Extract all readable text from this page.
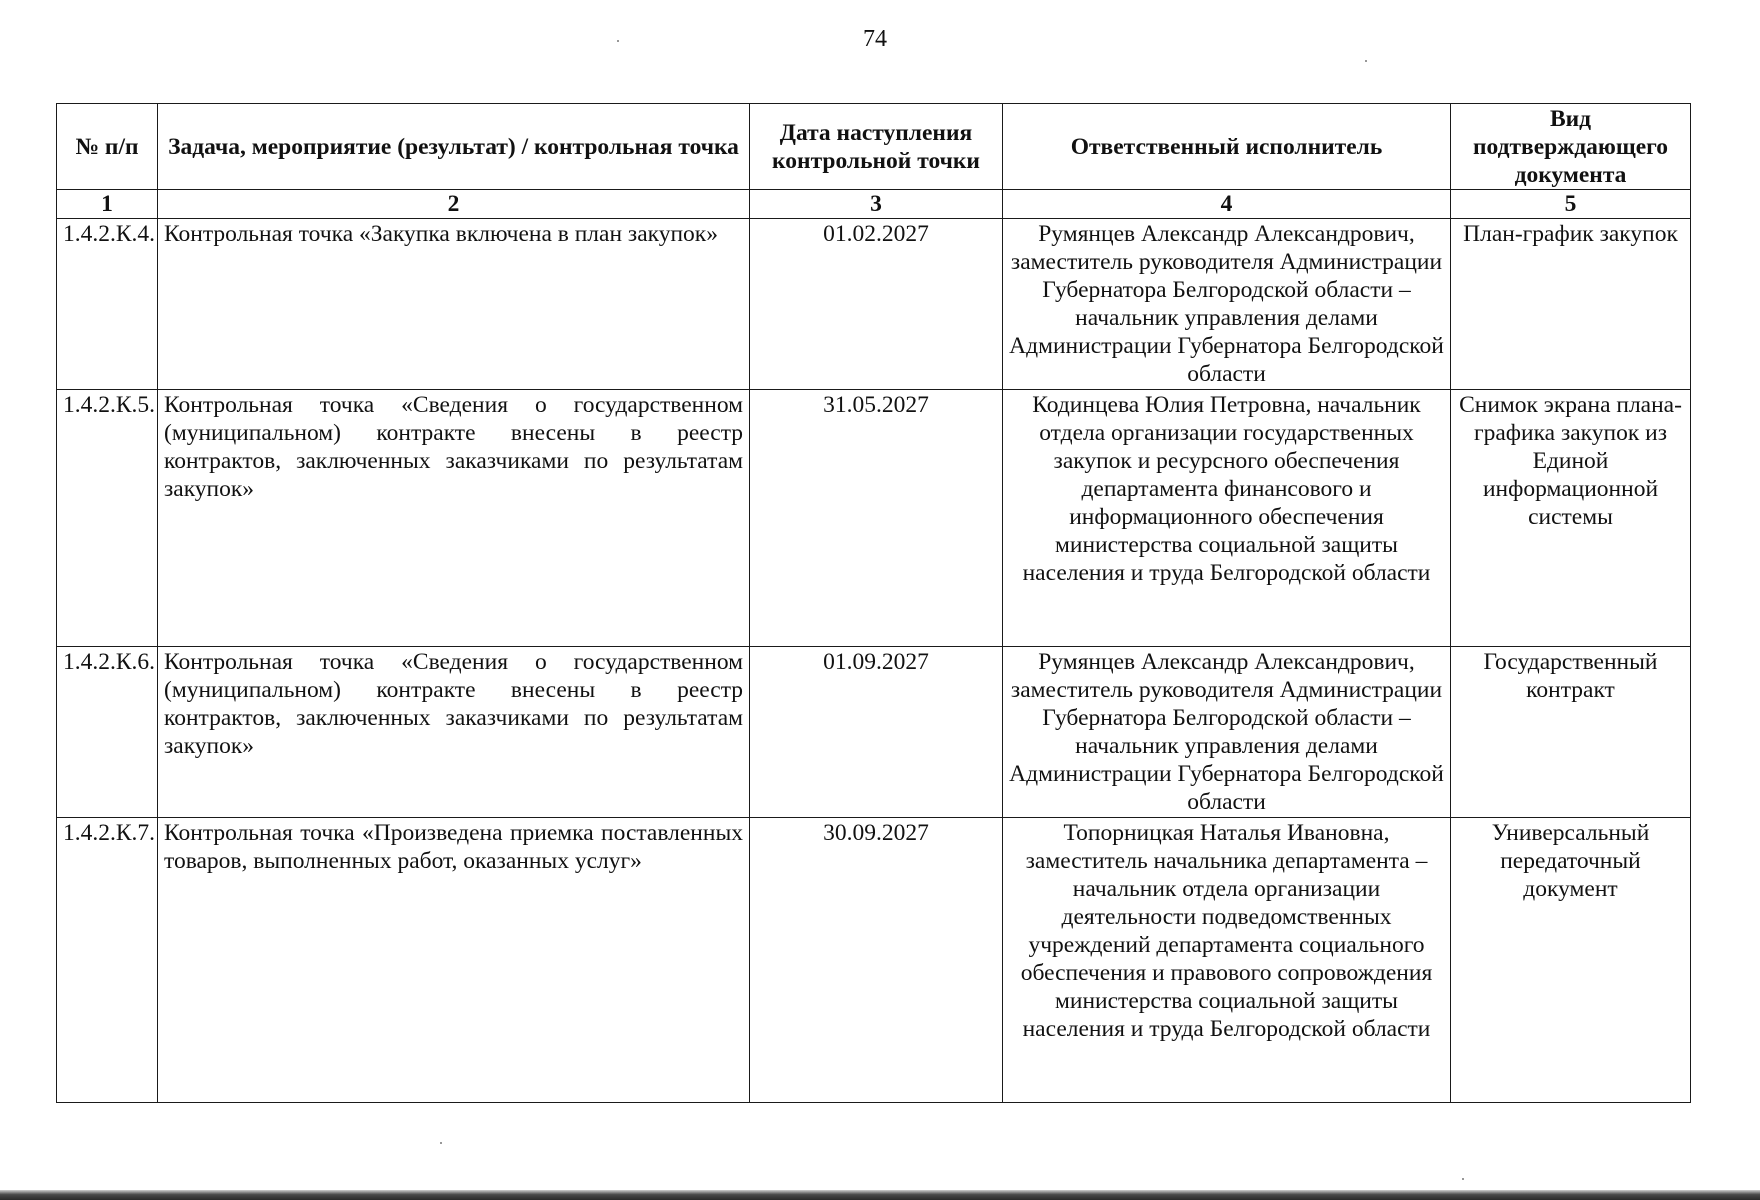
74
№ п/п	Задача, мероприятие (результат) / контрольная точка	Дата наступления контрольной точки	Ответственный исполнитель	Вид подтверждающего документа
1	2	3	4	5
1.4.2.К.4.	Контрольная точка «Закупка включена в план закупок»	01.02.2027	Румянцев Александр Александрович, заместитель руководителя Администрации Губернатора Белгородской области – начальник управления делами Администрации Губернатора Белгородской области	План-график закупок
1.4.2.К.5.	Контрольная точка «Сведения о государственном (муниципальном) контракте внесены в реестр контрактов, заключенных заказчиками по результатам закупок»	31.05.2027	Кодинцева Юлия Петровна, начальник отдела организации государственных закупок и ресурсного обеспечения департамента финансового и информационного обеспечения министерства социальной защиты населения и труда Белгородской области	Снимок экрана плана-графика закупок из Единой информационной системы
1.4.2.К.6.	Контрольная точка «Сведения о государственном (муниципальном) контракте внесены в реестр контрактов, заключенных заказчиками по результатам закупок»	01.09.2027	Румянцев Александр Александрович, заместитель руководителя Администрации Губернатора Белгородской области – начальник управления делами Администрации Губернатора Белгородской области	Государственный контракт
1.4.2.К.7.	Контрольная точка «Произведена приемка поставленных товаров, выполненных работ, оказанных услуг»	30.09.2027	Топорницкая Наталья Ивановна, заместитель начальника департамента – начальник отдела организации деятельности подведомственных учреждений департамента социального обеспечения и правового сопровождения министерства социальной защиты населения и труда Белгородской области	Универсальный передаточный документ
